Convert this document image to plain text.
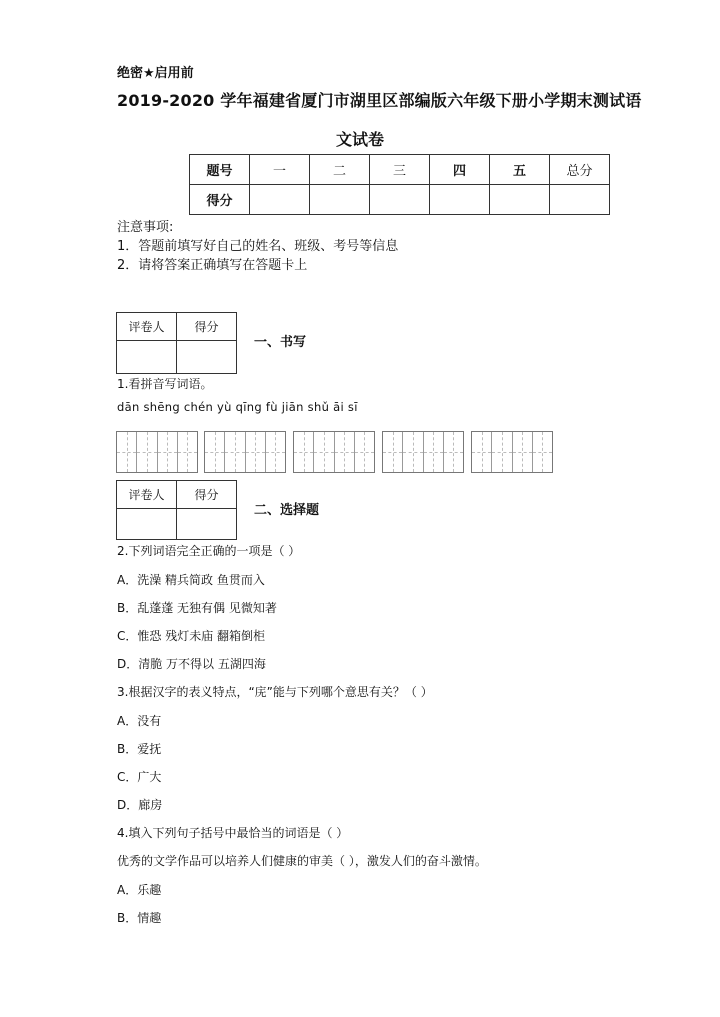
绝密★启用前
2019-2020 学年福建省厦门市湖里区部编版六年级下册小学期末测试语
文试卷
题号	一	二	三	四	五	总分
得分						
注意事项:
1．答题前填写好自己的姓名、班级、考号等信息
2．请将答案正确填写在答题卡上
评卷人	得分

一、书写
1.看拼音写词语。
dān shēng chén yù qīng fù jiān shǔ āi sī
评卷人	得分

二、选择题
2.下列词语完全正确的一项是（ ）
A．洗澡 精兵简政 鱼贯而入
B．乱蓬蓬 无独有偶 见微知著
C．惟恐 残灯未庙 翻箱倒柜
D．清脆 万不得以 五湖四海
3.根据汉字的表义特点，“庑”能与下列哪个意思有关？（ ）
A．没有
B．爱抚
C．广大
D．廊房
4.填入下列句子括号中最恰当的词语是（ ）
优秀的文学作品可以培养人们健康的审美（ ），激发人们的奋斗激情。
A．乐趣
B．情趣
